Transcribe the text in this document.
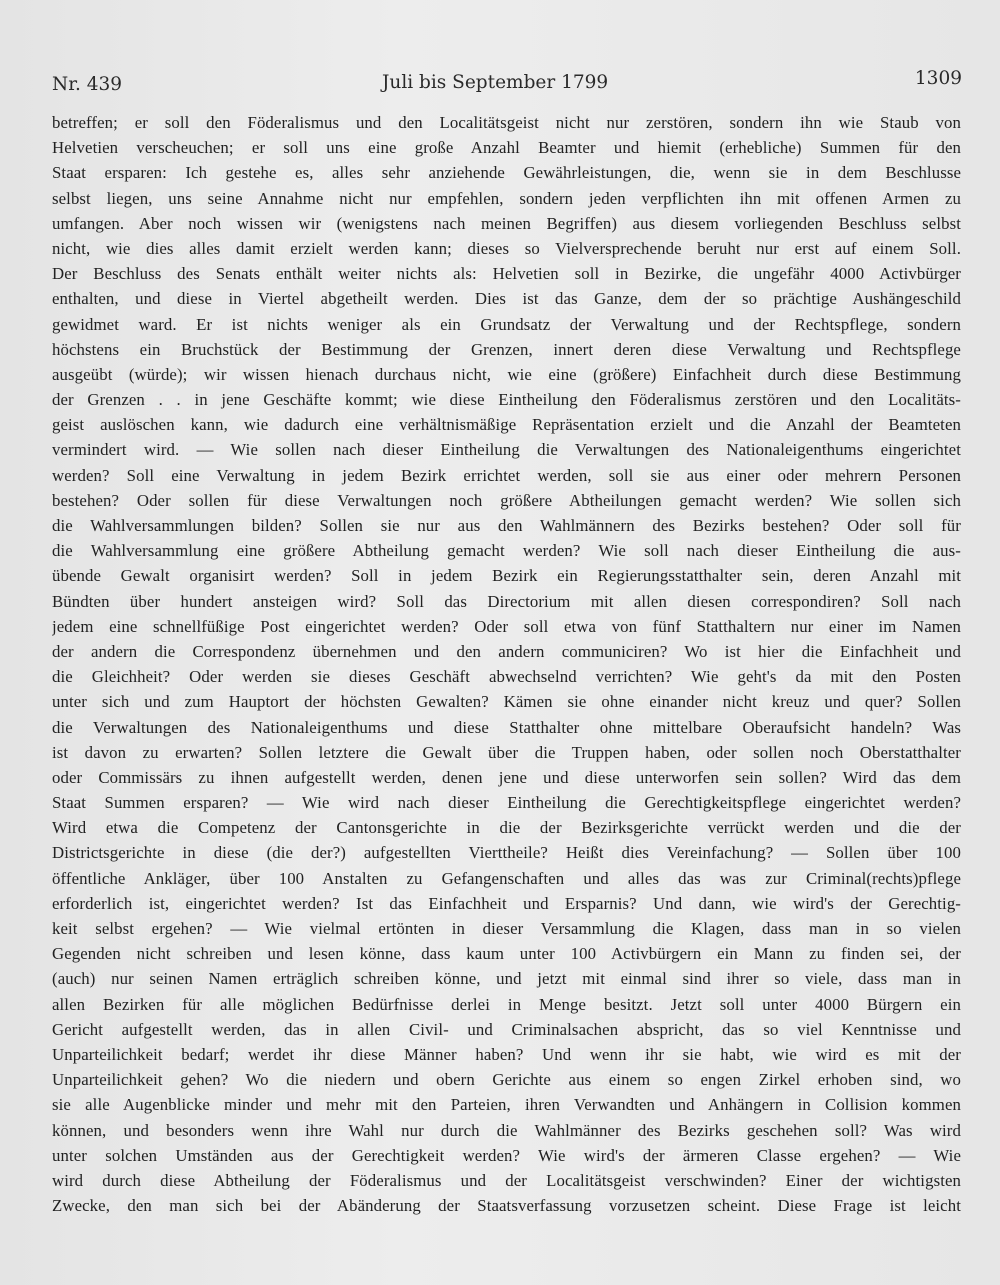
Nr. 439	Juli bis September 1799	1309
betreffen; er soll den Föderalismus und den Localitätsgeist nicht nur zerstören, sondern ihn wie Staub von
Helvetien verscheuchen; er soll uns eine große Anzahl Beamter und hiemit (erhebliche) Summen für den
Staat ersparen: Ich gestehe es, alles sehr anziehende Gewährleistungen, die, wenn sie in dem Beschlusse
selbst liegen, uns seine Annahme nicht nur empfehlen, sondern jeden verpflichten ihn mit offenen Armen zu
umfangen. Aber noch wissen wir (wenigstens nach meinen Begriffen) aus diesem vorliegenden Beschluss selbst
nicht, wie dies alles damit erzielt werden kann; dieses so Vielversprechende beruht nur erst auf einem Soll.
Der Beschluss des Senats enthält weiter nichts als: Helvetien soll in Bezirke, die ungefähr 4000 Activbürger
enthalten, und diese in Viertel abgetheilt werden. Dies ist das Ganze, dem der so prächtige Aushängeschild
gewidmet ward. Er ist nichts weniger als ein Grundsatz der Verwaltung und der Rechtspflege, sondern
höchstens ein Bruchstück der Bestimmung der Grenzen, innert deren diese Verwaltung und Rechtspflege
ausgeübt (würde); wir wissen hienach durchaus nicht, wie eine (größere) Einfachheit durch diese Bestimmung
der Grenzen . . in jene Geschäfte kommt; wie diese Eintheilung den Föderalismus zerstören und den Localitäts-
geist auslöschen kann, wie dadurch eine verhältnismäßige Repräsentation erzielt und die Anzahl der Beamteten
vermindert wird. — Wie sollen nach dieser Eintheilung die Verwaltungen des Nationaleigenthums eingerichtet
werden? Soll eine Verwaltung in jedem Bezirk errichtet werden, soll sie aus einer oder mehrern Personen
bestehen? Oder sollen für diese Verwaltungen noch größere Abtheilungen gemacht werden? Wie sollen sich
die Wahlversammlungen bilden? Sollen sie nur aus den Wahlmännern des Bezirks bestehen? Oder soll für
die Wahlversammlung eine größere Abtheilung gemacht werden? Wie soll nach dieser Eintheilung die aus-
übende Gewalt organisirt werden? Soll in jedem Bezirk ein Regierungsstatthalter sein, deren Anzahl mit
Bündten über hundert ansteigen wird? Soll das Directorium mit allen diesen correspondiren? Soll nach
jedem eine schnellfüßige Post eingerichtet werden? Oder soll etwa von fünf Statthaltern nur einer im Namen
der andern die Correspondenz übernehmen und den andern communiciren? Wo ist hier die Einfachheit und
die Gleichheit? Oder werden sie dieses Geschäft abwechselnd verrichten? Wie geht's da mit den Posten
unter sich und zum Hauptort der höchsten Gewalten? Kämen sie ohne einander nicht kreuz und quer? Sollen
die Verwaltungen des Nationaleigenthums und diese Statthalter ohne mittelbare Oberaufsicht handeln? Was
ist davon zu erwarten? Sollen letztere die Gewalt über die Truppen haben, oder sollen noch Oberstatthalter
oder Commissärs zu ihnen aufgestellt werden, denen jene und diese unterworfen sein sollen? Wird das dem
Staat Summen ersparen? — Wie wird nach dieser Eintheilung die Gerechtigkeitspflege eingerichtet werden?
Wird etwa die Competenz der Cantonsgerichte in die der Bezirksgerichte verrückt werden und die der
Districtsgerichte in diese (die der?) aufgestellten Vierttheile? Heißt dies Vereinfachung? — Sollen über 100
öffentliche Ankläger, über 100 Anstalten zu Gefangenschaften und alles das was zur Criminal(rechts)pflege
erforderlich ist, eingerichtet werden? Ist das Einfachheit und Ersparnis? Und dann, wie wird's der Gerechtig-
keit selbst ergehen? — Wie vielmal ertönten in dieser Versammlung die Klagen, dass man in so vielen
Gegenden nicht schreiben und lesen könne, dass kaum unter 100 Activbürgern ein Mann zu finden sei, der
(auch) nur seinen Namen erträglich schreiben könne, und jetzt mit einmal sind ihrer so viele, dass man in
allen Bezirken für alle möglichen Bedürfnisse derlei in Menge besitzt. Jetzt soll unter 4000 Bürgern ein
Gericht aufgestellt werden, das in allen Civil- und Criminalsachen abspricht, das so viel Kenntnisse und
Unparteilichkeit bedarf; werdet ihr diese Männer haben? Und wenn ihr sie habt, wie wird es mit der
Unparteilichkeit gehen? Wo die niedern und obern Gerichte aus einem so engen Zirkel erhoben sind, wo
sie alle Augenblicke minder und mehr mit den Parteien, ihren Verwandten und Anhängern in Collision kommen
können, und besonders wenn ihre Wahl nur durch die Wahlmänner des Bezirks geschehen soll? Was wird
unter solchen Umständen aus der Gerechtigkeit werden? Wie wird's der ärmeren Classe ergehen? — Wie
wird durch diese Abtheilung der Föderalismus und der Localitätsgeist verschwinden? Einer der wichtigsten
Zwecke, den man sich bei der Abänderung der Staatsverfassung vorzusetzen scheint. Diese Frage ist leicht
